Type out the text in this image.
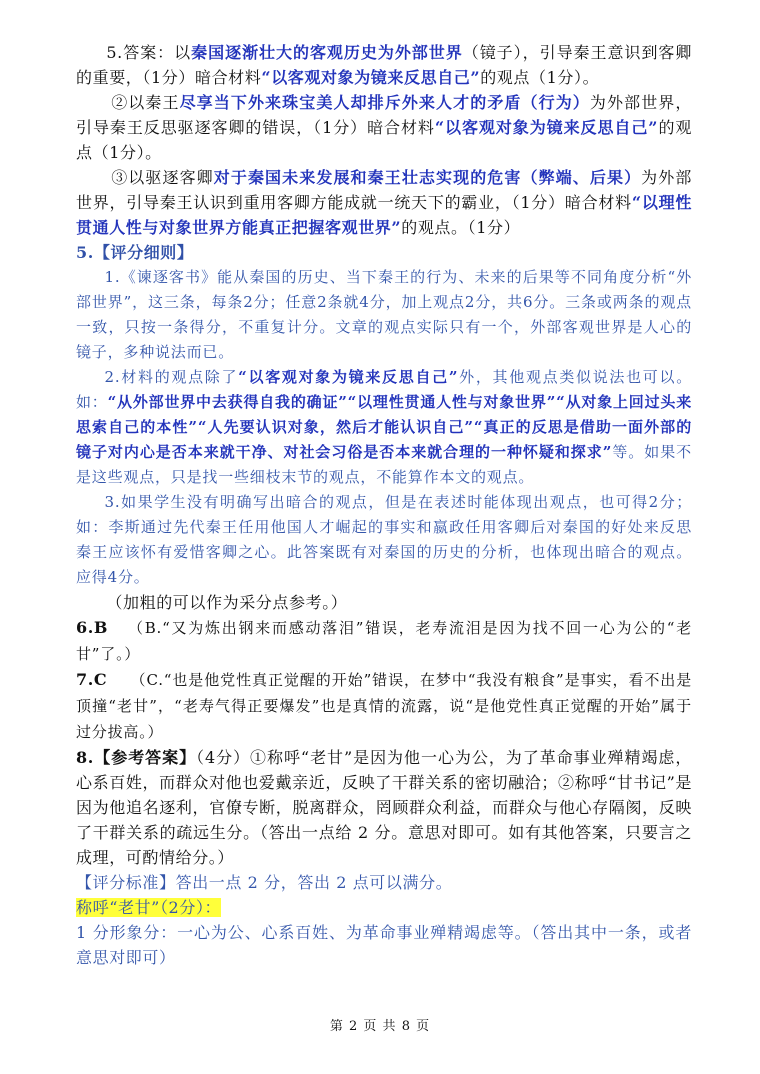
5.答案：以秦国逐渐壮大的客观历史为外部世界（镜子），引导秦王意识到客卿的重要，（1分）暗合材料“以客观对象为镜来反思自己”的观点（1分）。

②以秦王尽享当下外来珠宝美人却排斥外来人才的矛盾（行为）为外部世界，引导秦王反思驱逐客卿的错误，（1分）暗合材料“以客观对象为镜来反思自己”的观点（1分）。

③以驱逐客卿对于秦国未来发展和秦王壮志实现的危害（弊端、后果）为外部世界，引导秦王认识到重用客卿方能成就一统天下的霸业，（1分）暗合材料“以理性贯通人性与对象世界方能真正把握客观世界”的观点。（1分）

5.【评分细则】

1.《谏逐客书》能从秦国的历史、当下秦王的行为、未来的后果等不同角度分析“外部世界”，这三条，每条2分；任意2条就4分，加上观点2分，共6分。三条或两条的观点一致，只按一条得分，不重复计分。文章的观点实际只有一个，外部客观世界是人心的镜子，多种说法而已。

2.材料的观点除了“以客观对象为镜来反思自己”外，其他观点类似说法也可以。如：“从外部世界中去获得自我的确证”“以理性贯通人性与对象世界”“从对象上回过头来思索自己的本性”“人先要认识对象，然后才能认识自己”“真正的反思是借助一面外部的镜子对内心是否本来就干净、对社会习俗是否本来就合理的一种怀疑和探求”等。如果不是这些观点，只是找一些细枝末节的观点，不能算作本文的观点。

3.如果学生没有明确写出暗合的观点，但是在表述时能体现出观点，也可得2分；如：李斯通过先代秦王任用他国人才崛起的事实和嬴政任用客卿后对秦国的好处来反思秦王应该怀有爱惜客卿之心。此答案既有对秦国的历史的分析，也体现出暗合的观点。应得4分。

（加粗的可以作为采分点参考。）

6.B （B.“又为炼出钢来而感动落泪”错误，老寿流泪是因为找不回一心为公的“老甘”了。）

7.C （C.“也是他党性真正觉醒的开始”错误，在梦中“我没有粮食”是事实，看不出是顶撞“老甘”，“老寿气得正要爆发”也是真情的流露，说“是他党性真正觉醒的开始”属于过分拔高。）

8.【参考答案】（4分）①称呼“老甘”是因为他一心为公，为了革命事业殚精竭虑，心系百姓，而群众对他也爱戴亲近，反映了干群关系的密切融洽；②称呼“甘书记”是因为他追名逐利，官僚专断，脱离群众，罔顾群众利益，而群众与他心存隔阂，反映了干群关系的疏远生分。（答出一点给 2 分。意思对即可。如有其他答案，只要言之成理，可酌情给分。）

【评分标准】答出一点 2 分，答出 2 点可以满分。

称呼“老甘”（2分）：

1 分形象分：一心为公、心系百姓、为革命事业殚精竭虑等。（答出其中一条，或者意思对即可）

第 2 页 共 8 页
